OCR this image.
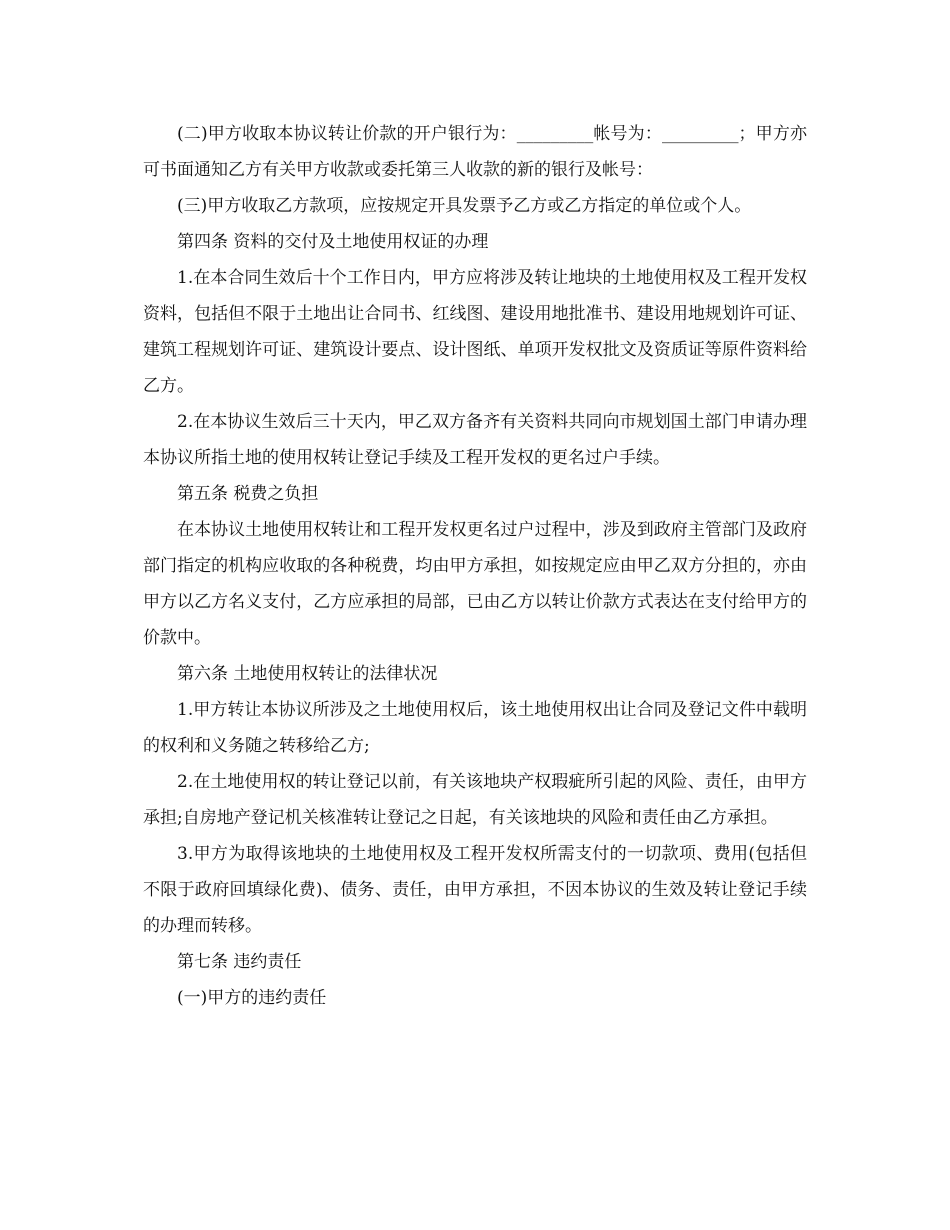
(二)甲方收取本协议转让价款的开户银行为：_________帐号为：_________；甲方亦可书面通知乙方有关甲方收款或委托第三人收款的新的银行及帐号：

(三)甲方收取乙方款项，应按规定开具发票予乙方或乙方指定的单位或个人。

第四条 资料的交付及土地使用权证的办理

1.在本合同生效后十个工作日内，甲方应将涉及转让地块的土地使用权及工程开发权资料，包括但不限于土地出让合同书、红线图、建设用地批准书、建设用地规划许可证、建筑工程规划许可证、建筑设计要点、设计图纸、单项开发权批文及资质证等原件资料给乙方。

2.在本协议生效后三十天内，甲乙双方备齐有关资料共同向市规划国土部门申请办理本协议所指土地的使用权转让登记手续及工程开发权的更名过户手续。

第五条 税费之负担

在本协议土地使用权转让和工程开发权更名过户过程中，涉及到政府主管部门及政府部门指定的机构应收取的各种税费，均由甲方承担，如按规定应由甲乙双方分担的，亦由甲方以乙方名义支付，乙方应承担的局部，已由乙方以转让价款方式表达在支付给甲方的价款中。

第六条 土地使用权转让的法律状况

1.甲方转让本协议所涉及之土地使用权后，该土地使用权出让合同及登记文件中载明的权利和义务随之转移给乙方;

2.在土地使用权的转让登记以前，有关该地块产权瑕疵所引起的风险、责任，由甲方承担;自房地产登记机关核准转让登记之日起，有关该地块的风险和责任由乙方承担。

3.甲方为取得该地块的土地使用权及工程开发权所需支付的一切款项、费用(包括但不限于政府回填绿化费)、债务、责任，由甲方承担，不因本协议的生效及转让登记手续的办理而转移。

第七条 违约责任

(一)甲方的违约责任
